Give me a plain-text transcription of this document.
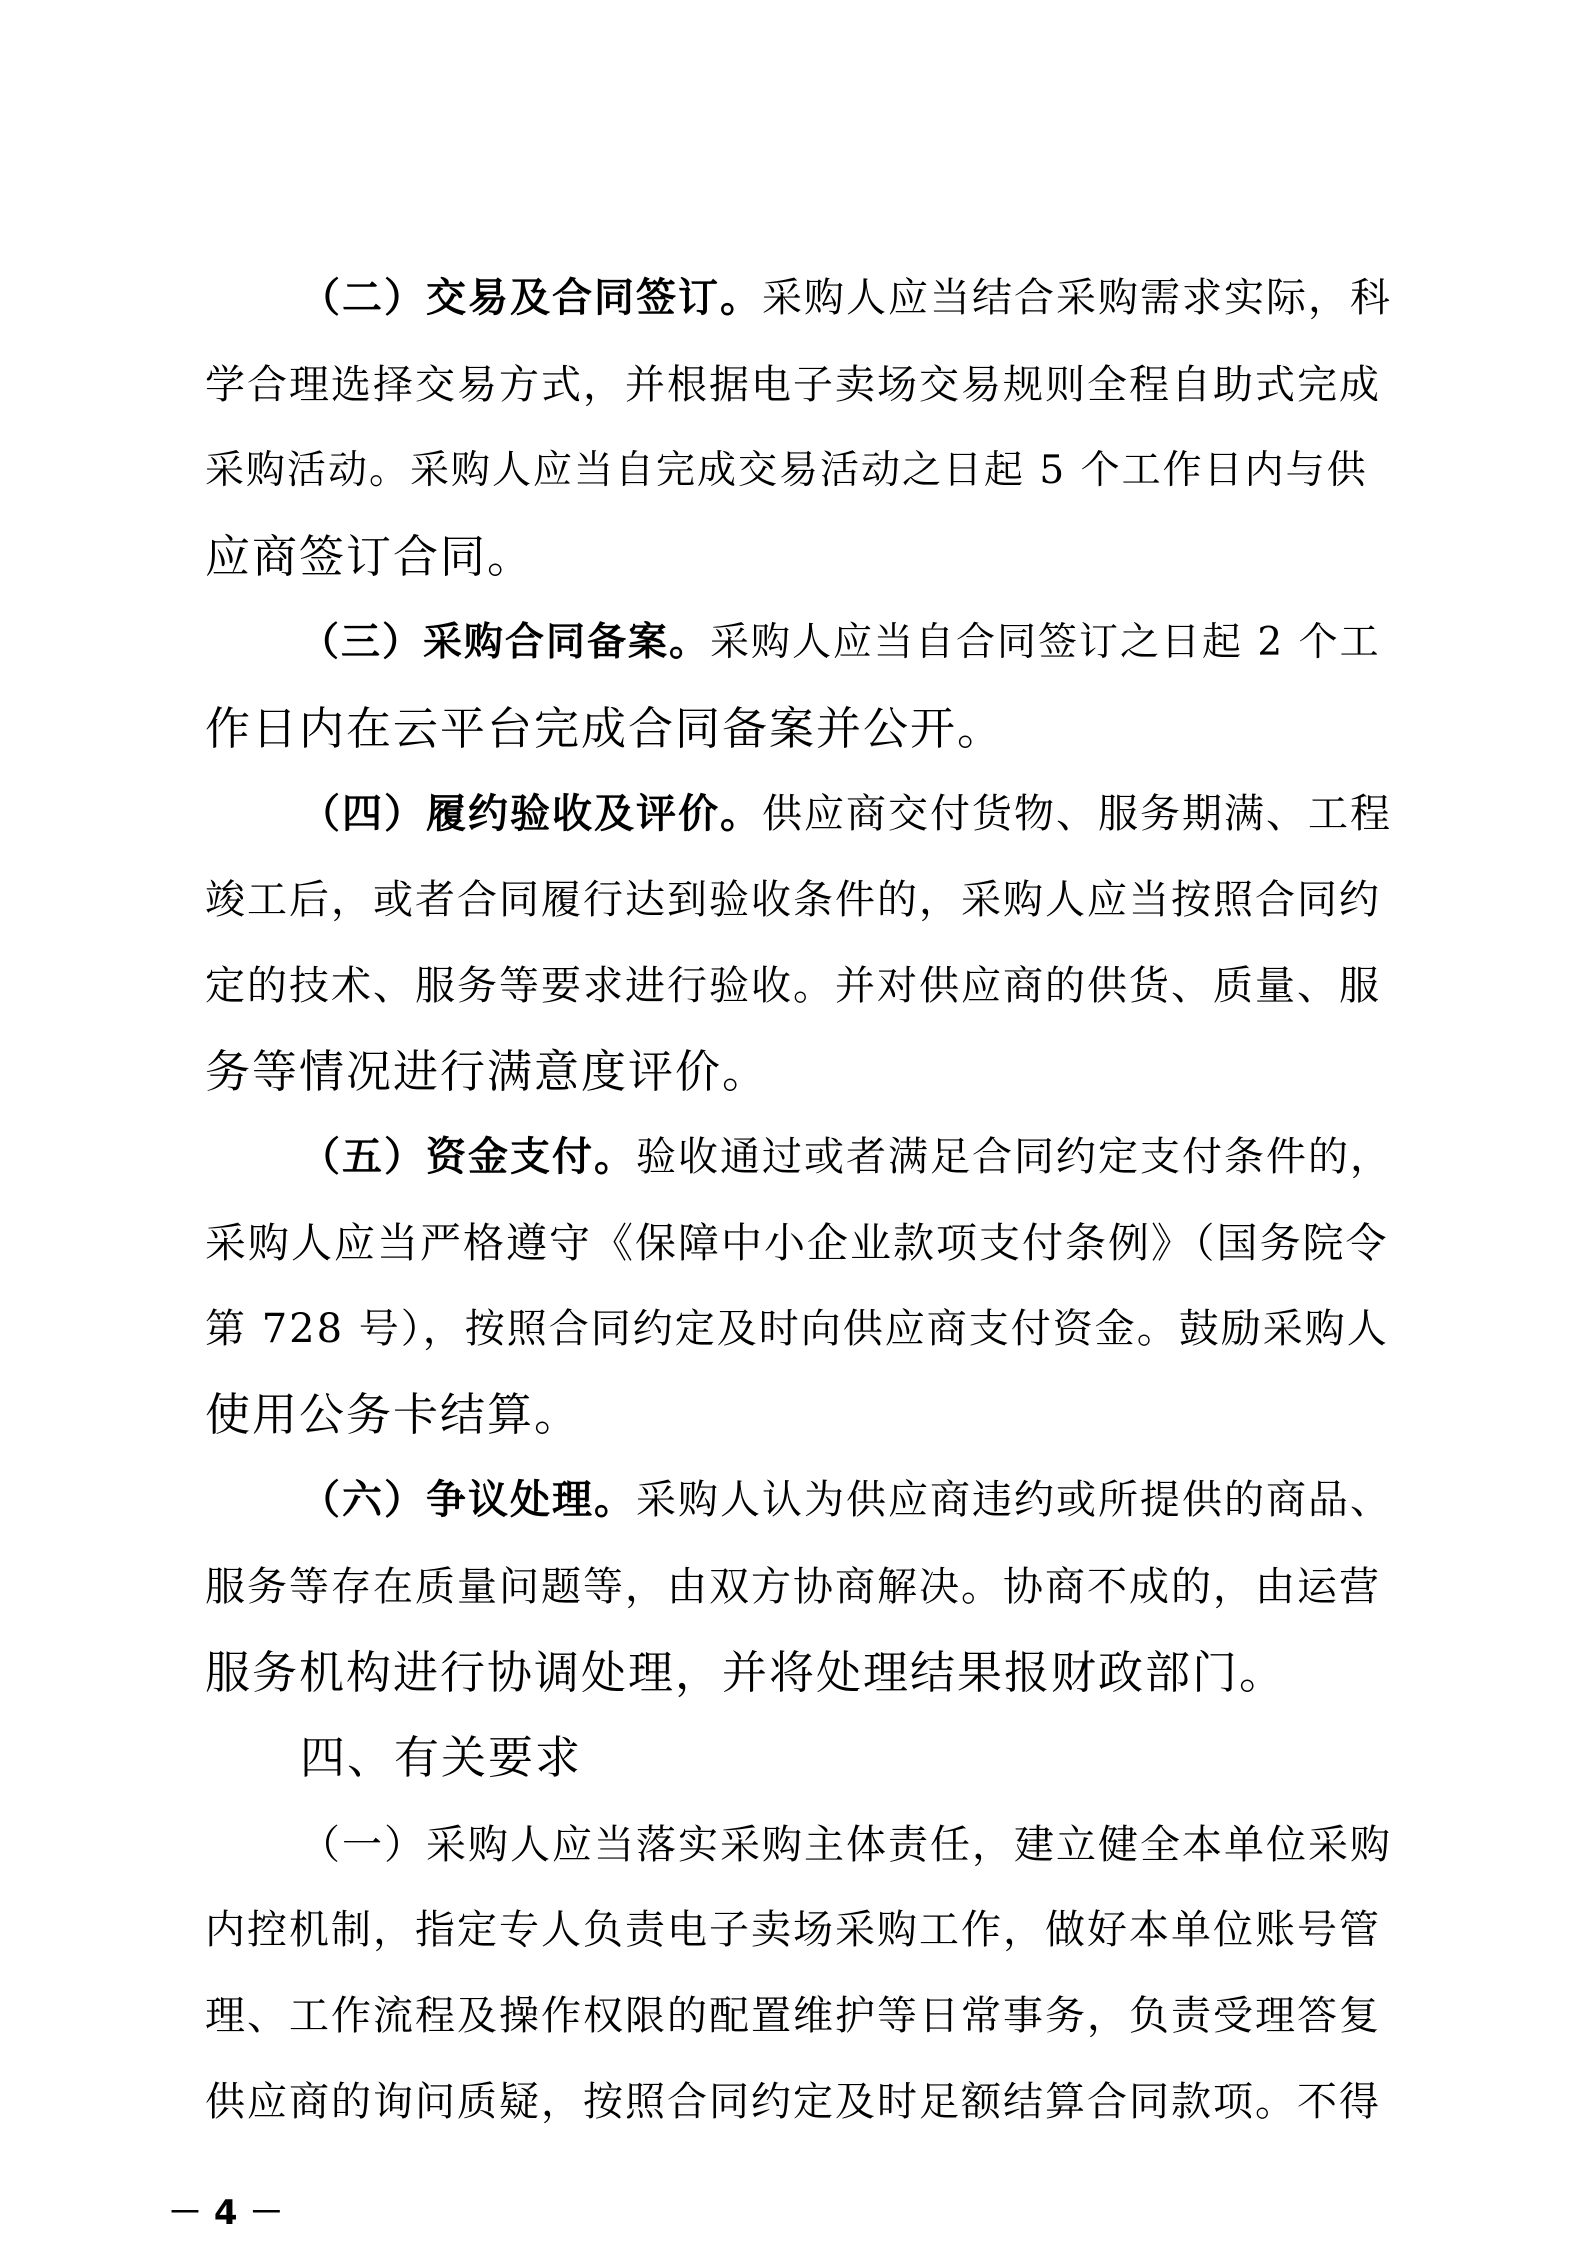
（二）交易及合同签订。采购人应当结合采购需求实际，科
学合理选择交易方式，并根据电子卖场交易规则全程自助式完成
采购活动。采购人应当自完成交易活动之日起 5 个工作日内与供
应商签订合同。
（三）采购合同备案。采购人应当自合同签订之日起 2 个工
作日内在云平台完成合同备案并公开。
（四）履约验收及评价。供应商交付货物、服务期满、工程
竣工后，或者合同履行达到验收条件的，采购人应当按照合同约
定的技术、服务等要求进行验收。并对供应商的供货、质量、服
务等情况进行满意度评价。
（五）资金支付。验收通过或者满足合同约定支付条件的，
采购人应当严格遵守《保障中小企业款项支付条例》（国务院令
第 728 号），按照合同约定及时向供应商支付资金。鼓励采购人
使用公务卡结算。
（六）争议处理。采购人认为供应商违约或所提供的商品、
服务等存在质量问题等，由双方协商解决。协商不成的，由运营
服务机构进行协调处理，并将处理结果报财政部门。
四、有关要求
（一）采购人应当落实采购主体责任，建立健全本单位采购
内控机制，指定专人负责电子卖场采购工作，做好本单位账号管
理、工作流程及操作权限的配置维护等日常事务，负责受理答复
供应商的询问质疑，按照合同约定及时足额结算合同款项。不得
－ 4 －
